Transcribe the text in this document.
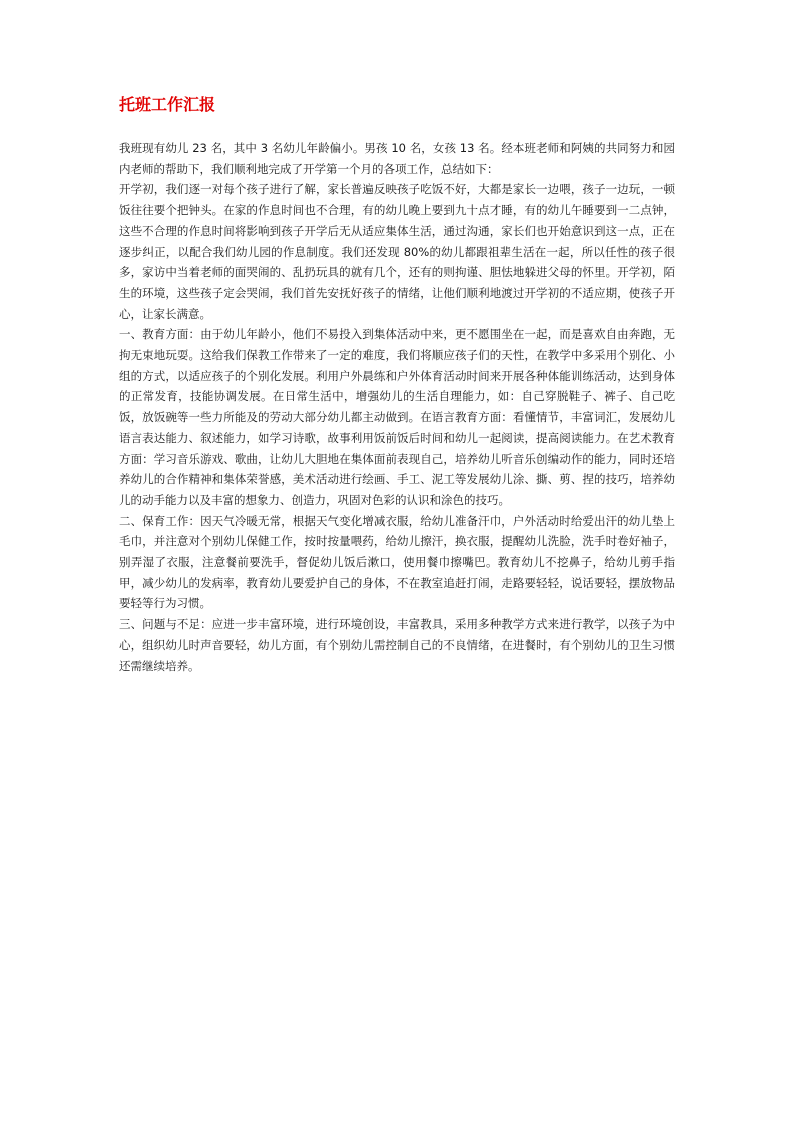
托班工作汇报

我班现有幼儿 23 名，其中 3 名幼儿年龄偏小。男孩 10 名，女孩 13 名。经本班老师和阿姨的共同努力和园内老师的帮助下，我们顺利地完成了开学第一个月的各项工作，总结如下：

开学初，我们逐一对每个孩子进行了解，家长普遍反映孩子吃饭不好，大都是家长一边喂，孩子一边玩，一顿饭往往要个把钟头。在家的作息时间也不合理，有的幼儿晚上要到九十点才睡，有的幼儿午睡要到一二点钟，这些不合理的作息时间将影响到孩子开学后无从适应集体生活，通过沟通，家长们也开始意识到这一点，正在逐步纠正，以配合我们幼儿园的作息制度。我们还发现 80%的幼儿都跟祖辈生活在一起，所以任性的孩子很多，家访中当着老师的面哭闹的、乱扔玩具的就有几个，还有的则拘谨、胆怯地躲进父母的怀里。开学初，陌生的环境，这些孩子定会哭闹，我们首先安抚好孩子的情绪，让他们顺利地渡过开学初的不适应期，使孩子开心，让家长满意。

一、教育方面：由于幼儿年龄小，他们不易投入到集体活动中来，更不愿围坐在一起，而是喜欢自由奔跑，无拘无束地玩耍。这给我们保教工作带来了一定的难度，我们将顺应孩子们的天性，在教学中多采用个别化、小组的方式，以适应孩子的个别化发展。利用户外晨练和户外体育活动时间来开展各种体能训练活动，达到身体的正常发育，技能协调发展。在日常生活中，增强幼儿的生活自理能力，如：自己穿脱鞋子、裤子、自己吃饭，放饭碗等一些力所能及的劳动大部分幼儿都主动做到。在语言教育方面：看懂情节，丰富词汇，发展幼儿语言表达能力、叙述能力，如学习诗歌，故事利用饭前饭后时间和幼儿一起阅读，提高阅读能力。在艺术教育方面：学习音乐游戏、歌曲，让幼儿大胆地在集体面前表现自己，培养幼儿听音乐创编动作的能力，同时还培养幼儿的合作精神和集体荣誉感，美术活动进行绘画、手工、泥工等发展幼儿涂、撕、剪、捏的技巧，培养幼儿的动手能力以及丰富的想象力、创造力，巩固对色彩的认识和涂色的技巧。

二、保育工作：因天气冷暖无常，根据天气变化增减衣服，给幼儿准备汗巾，户外活动时给爱出汗的幼儿垫上毛巾，并注意对个别幼儿保健工作，按时按量喂药，给幼儿擦汗，换衣服，提醒幼儿洗脸，洗手时卷好袖子，别弄湿了衣服，注意餐前要洗手，督促幼儿饭后漱口，使用餐巾擦嘴巴。教育幼儿不挖鼻子，给幼儿剪手指甲，减少幼儿的发病率，教育幼儿要爱护自己的身体，不在教室追赶打闹，走路要轻轻，说话要轻，摆放物品要轻等行为习惯。

三、问题与不足：应进一步丰富环境，进行环境创设，丰富教具，采用多种教学方式来进行教学，以孩子为中心，组织幼儿时声音要轻，幼儿方面，有个别幼儿需控制自己的不良情绪，在进餐时，有个别幼儿的卫生习惯还需继续培养。
